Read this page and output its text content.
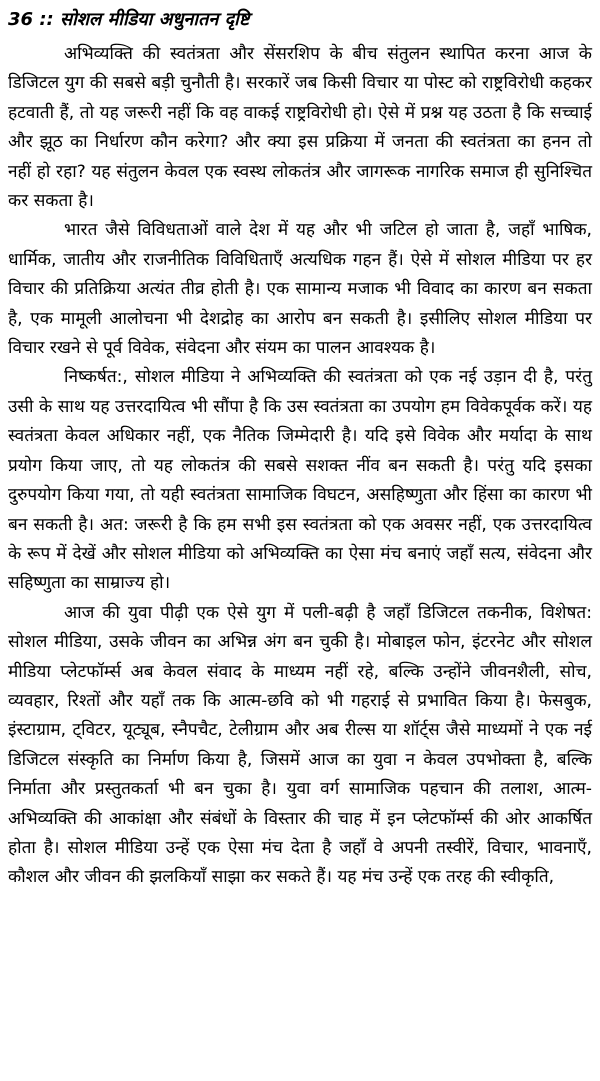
36 :: सोशल मीडिया अधुनातन दृष्टि

अभिव्यक्ति की स्वतंत्रता और सेंसरशिप के बीच संतुलन स्थापित करना आज के डिजिटल युग की सबसे बड़ी चुनौती है। सरकारें जब किसी विचार या पोस्ट को राष्ट्रविरोधी कहकर हटवाती हैं, तो यह जरूरी नहीं कि वह वाकई राष्ट्रविरोधी हो। ऐसे में प्रश्न यह उठता है कि सच्चाई और झूठ का निर्धारण कौन करेगा? और क्या इस प्रक्रिया में जनता की स्वतंत्रता का हनन तो नहीं हो रहा? यह संतुलन केवल एक स्वस्थ लोकतंत्र और जागरूक नागरिक समाज ही सुनिश्चित कर सकता है।

भारत जैसे विविधताओं वाले देश में यह और भी जटिल हो जाता है, जहाँ भाषिक, धार्मिक, जातीय और राजनीतिक विविधिताएँ अत्यधिक गहन हैं। ऐसे में सोशल मीडिया पर हर विचार की प्रतिक्रिया अत्यंत तीव्र होती है। एक सामान्य मजाक भी विवाद का कारण बन सकता है, एक मामूली आलोचना भी देशद्रोह का आरोप बन सकती है। इसीलिए सोशल मीडिया पर विचार रखने से पूर्व विवेक, संवेदना और संयम का पालन आवश्यक है।

निष्कर्षत:, सोशल मीडिया ने अभिव्यक्ति की स्वतंत्रता को एक नई उड़ान दी है, परंतु उसी के साथ यह उत्तरदायित्व भी सौंपा है कि उस स्वतंत्रता का उपयोग हम विवेकपूर्वक करें। यह स्वतंत्रता केवल अधिकार नहीं, एक नैतिक जिम्मेदारी है। यदि इसे विवेक और मर्यादा के साथ प्रयोग किया जाए, तो यह लोकतंत्र की सबसे सशक्त नींव बन सकती है। परंतु यदि इसका दुरुपयोग किया गया, तो यही स्वतंत्रता सामाजिक विघटन, असहिष्णुता और हिंसा का कारण भी बन सकती है। अत: जरूरी है कि हम सभी इस स्वतंत्रता को एक अवसर नहीं, एक उत्तरदायित्व के रूप में देखें और सोशल मीडिया को अभिव्यक्ति का ऐसा मंच बनाएं जहाँ सत्य, संवेदना और सहिष्णुता का साम्राज्य हो।

आज की युवा पीढ़ी एक ऐसे युग में पली-बढ़ी है जहाँ डिजिटल तकनीक, विशेषत: सोशल मीडिया, उसके जीवन का अभिन्न अंग बन चुकी है। मोबाइल फोन, इंटरनेट और सोशल मीडिया प्लेटफॉर्म्स अब केवल संवाद के माध्यम नहीं रहे, बल्कि उन्होंने जीवनशैली, सोच, व्यवहार, रिश्तों और यहाँ तक कि आत्म-छवि को भी गहराई से प्रभावित किया है। फेसबुक, इंस्टाग्राम, ट्विटर, यूट्यूब, स्नैपचैट, टेलीग्राम और अब रील्स या शॉर्ट्स जैसे माध्यमों ने एक नई डिजिटल संस्कृति का निर्माण किया है, जिसमें आज का युवा न केवल उपभोक्ता है, बल्कि निर्माता और प्रस्तुतकर्ता भी बन चुका है। युवा वर्ग सामाजिक पहचान की तलाश, आत्म-अभिव्यक्ति की आकांक्षा और संबंधों के विस्तार की चाह में इन प्लेटफॉर्म्स की ओर आकर्षित होता है। सोशल मीडिया उन्हें एक ऐसा मंच देता है जहाँ वे अपनी तस्वीरें, विचार, भावनाएँ, कौशल और जीवन की झलकियाँ साझा कर सकते हैं। यह मंच उन्हें एक तरह की स्वीकृति,
